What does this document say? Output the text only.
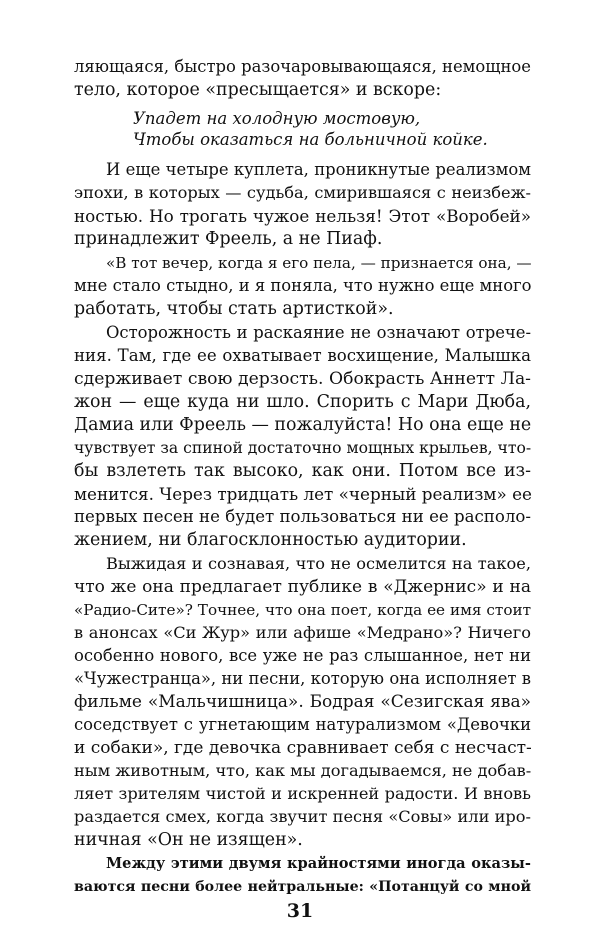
ляющаяся, быстро разочаровывающаяся, немощное
тело, которое «пресыщается» и вскоре:
Упадет на холодную мостовую,
Чтобы оказаться на больничной койке.
И еще четыре куплета, проникнутые реализмом
эпохи, в которых — судьба, смирившаяся с неизбеж-
ностью. Но трогать чужое нельзя! Этот «Воробей»
принадлежит Фреель, а не Пиаф.
«В тот вечер, когда я его пела, — признается она, —
мне стало стыдно, и я поняла, что нужно еще много
работать, чтобы стать артисткой».
Осторожность и раскаяние не означают отрече-
ния. Там, где ее охватывает восхищение, Малышка
сдерживает свою дерзость. Обокрасть Аннетт Ла-
жон — еще куда ни шло. Спорить с Мари Дюба,
Дамиа или Фреель — пожалуйста! Но она еще не
чувствует за спиной достаточно мощных крыльев, что-
бы взлететь так высоко, как они. Потом все из-
менится. Через тридцать лет «черный реализм» ее
первых песен не будет пользоваться ни ее располо-
жением, ни благосклонностью аудитории.
Выжидая и сознавая, что не осмелится на такое,
что же она предлагает публике в «Джернис» и на
«Радио-Сите»? Точнее, что она поет, когда ее имя стоит
в анонсах «Си Жур» или афише «Медрано»? Ничего
особенно нового, все уже не раз слышанное, нет ни
«Чужестранца», ни песни, которую она исполняет в
фильме «Мальчишница». Бодрая «Сезигская ява»
соседствует с угнетающим натурализмом «Девочки
и собаки», где девочка сравнивает себя с несчаст-
ным животным, что, как мы догадываемся, не добав-
ляет зрителям чистой и искренней радости. И вновь
раздается смех, когда звучит песня «Совы» или иро-
ничная «Он не изящен».
Между этими двумя крайностями иногда оказы-
ваются песни более нейтральные: «Потанцуй со мной
31
